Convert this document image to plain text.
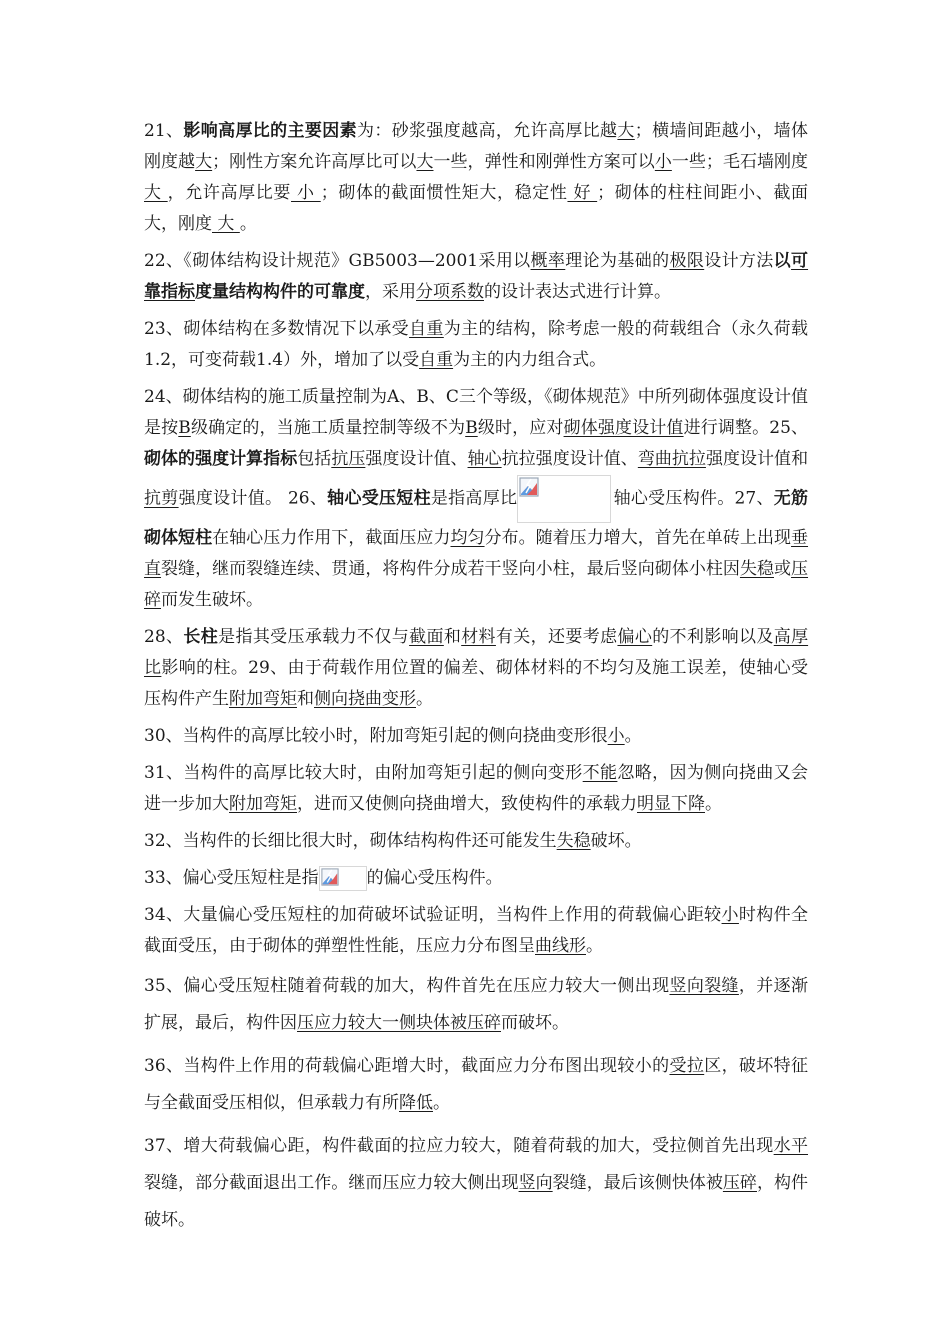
21、影响高厚比的主要因素为：砂浆强度越高，允许高厚比越大；横墙间距越小，墙体刚度越大；刚性方案允许高厚比可以大一些，弹性和刚弹性方案可以小一些；毛石墙刚度 大 ，允许高厚比要 小 ；砌体的截面惯性矩大，稳定性 好 ；砌体的柱柱间距小、截面大，刚度 大 。

22、《砌体结构设计规范》GB5003—2001采用以概率理论为基础的极限设计方法以可靠指标度量结构构件的可靠度，采用分项系数的设计表达式进行计算。

23、砌体结构在多数情况下以承受自重为主的结构，除考虑一般的荷载组合（永久荷载1.2，可变荷载1.4）外，增加了以受自重为主的内力组合式。

24、砌体结构的施工质量控制为A、B、C三个等级，《砌体规范》中所列砌体强度设计值是按B级确定的，当施工质量控制等级不为B级时，应对砌体强度设计值进行调整。25、砌体的强度计算指标包括抗压强度设计值、轴心抗拉强度设计值、弯曲抗拉强度设计值和抗剪强度设计值。 26、轴心受压短柱是指高厚比	轴心受压构件。27、无筋砌体短柱在轴心压力作用下，截面压应力均匀分布。随着压力增大，首先在单砖上出现垂直裂缝，继而裂缝连续、贯通，将构件分成若干竖向小柱，最后竖向砌体小柱因失稳或压碎而发生破坏。

28、长柱是指其受压承载力不仅与截面和材料有关，还要考虑偏心的不利影响以及高厚比影响的柱。29、由于荷载作用位置的偏差、砌体材料的不均匀及施工误差，使轴心受压构件产生附加弯矩和侧向挠曲变形。

30、当构件的高厚比较小时，附加弯矩引起的侧向挠曲变形很小。

31、当构件的高厚比较大时，由附加弯矩引起的侧向变形不能忽略，因为侧向挠曲又会进一步加大附加弯矩，进而又使侧向挠曲增大，致使构件的承载力明显下降。

32、当构件的长细比很大时，砌体结构构件还可能发生失稳破坏。

33、偏心受压短柱是指	的偏心受压构件。

34、大量偏心受压短柱的加荷破坏试验证明，当构件上作用的荷载偏心距较小时构件全截面受压，由于砌体的弹塑性性能，压应力分布图呈曲线形。

35、偏心受压短柱随着荷载的加大，构件首先在压应力较大一侧出现竖向裂缝，并逐渐扩展，最后，构件因压应力较大一侧块体被压碎而破坏。

36、当构件上作用的荷载偏心距增大时，截面应力分布图出现较小的受拉区，破坏特征与全截面受压相似，但承载力有所降低。

37、增大荷载偏心距，构件截面的拉应力较大，随着荷载的加大，受拉侧首先出现水平裂缝，部分截面退出工作。继而压应力较大侧出现竖向裂缝，最后该侧快体被压碎，构件破坏。
